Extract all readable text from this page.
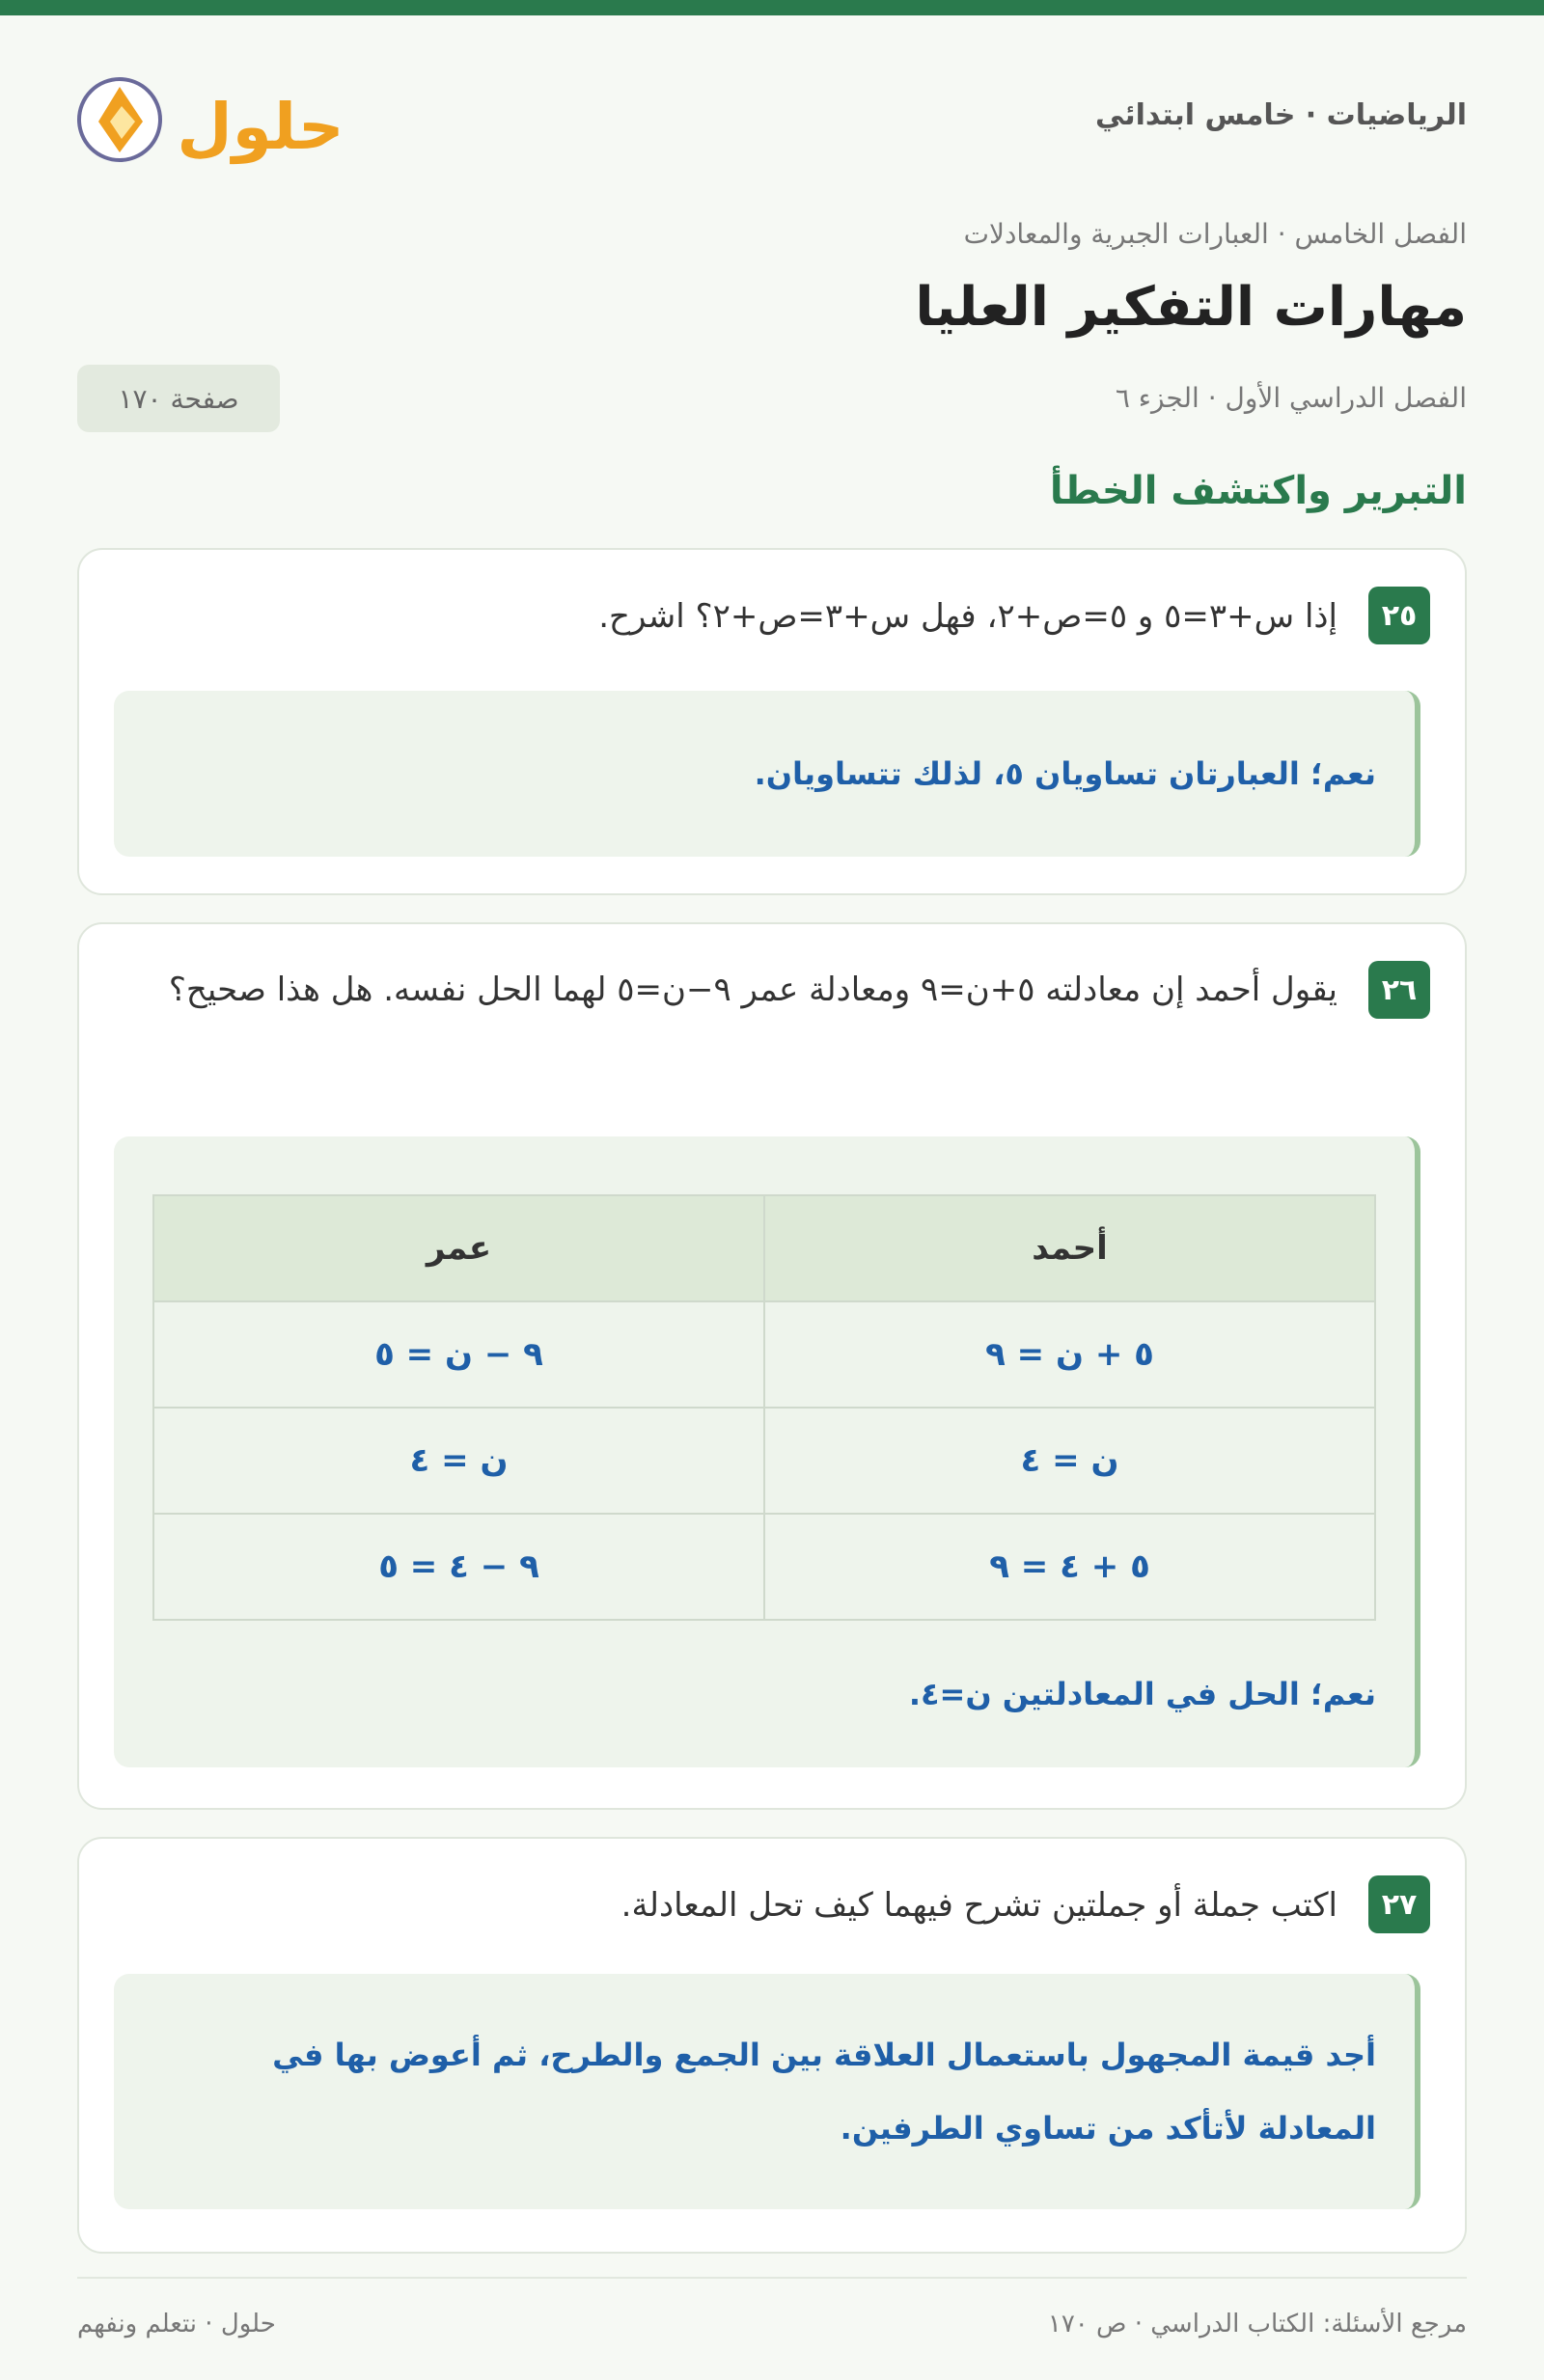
الرياضيات · خامس ابتدائي
حلول
الفصل الخامس · العبارات الجبرية والمعادلات
مهارات التفكير العليا
الفصل الدراسي الأول · الجزء ٦
صفحة ١٧٠
التبرير واكتشف الخطأ
٢٥
إذا س+٣=٥ و ٥=ص+٢، فهل س+٣=ص+٢؟ اشرح.
نعم؛ العبارتان تساويان ٥، لذلك تتساويان.
٢٦
يقول أحمد إن معادلته ٥+ن=٩ ومعادلة عمر ٩−ن=٥ لهما الحل نفسه. هل هذا صحيح؟
أحمد
عمر
٥ + ن = ٩
٩ − ن = ٥
ن = ٤
ن = ٤
٥ + ٤ = ٩
٩ − ٤ = ٥
نعم؛ الحل في المعادلتين ن=٤.
٢٧
اكتب جملة أو جملتين تشرح فيهما كيف تحل المعادلة.
أجد قيمة المجهول باستعمال العلاقة بين الجمع والطرح، ثم أعوض بها في المعادلة لأتأكد من تساوي الطرفين.
مرجع الأسئلة: الكتاب الدراسي · ص ١٧٠
حلول · نتعلم ونفهم
